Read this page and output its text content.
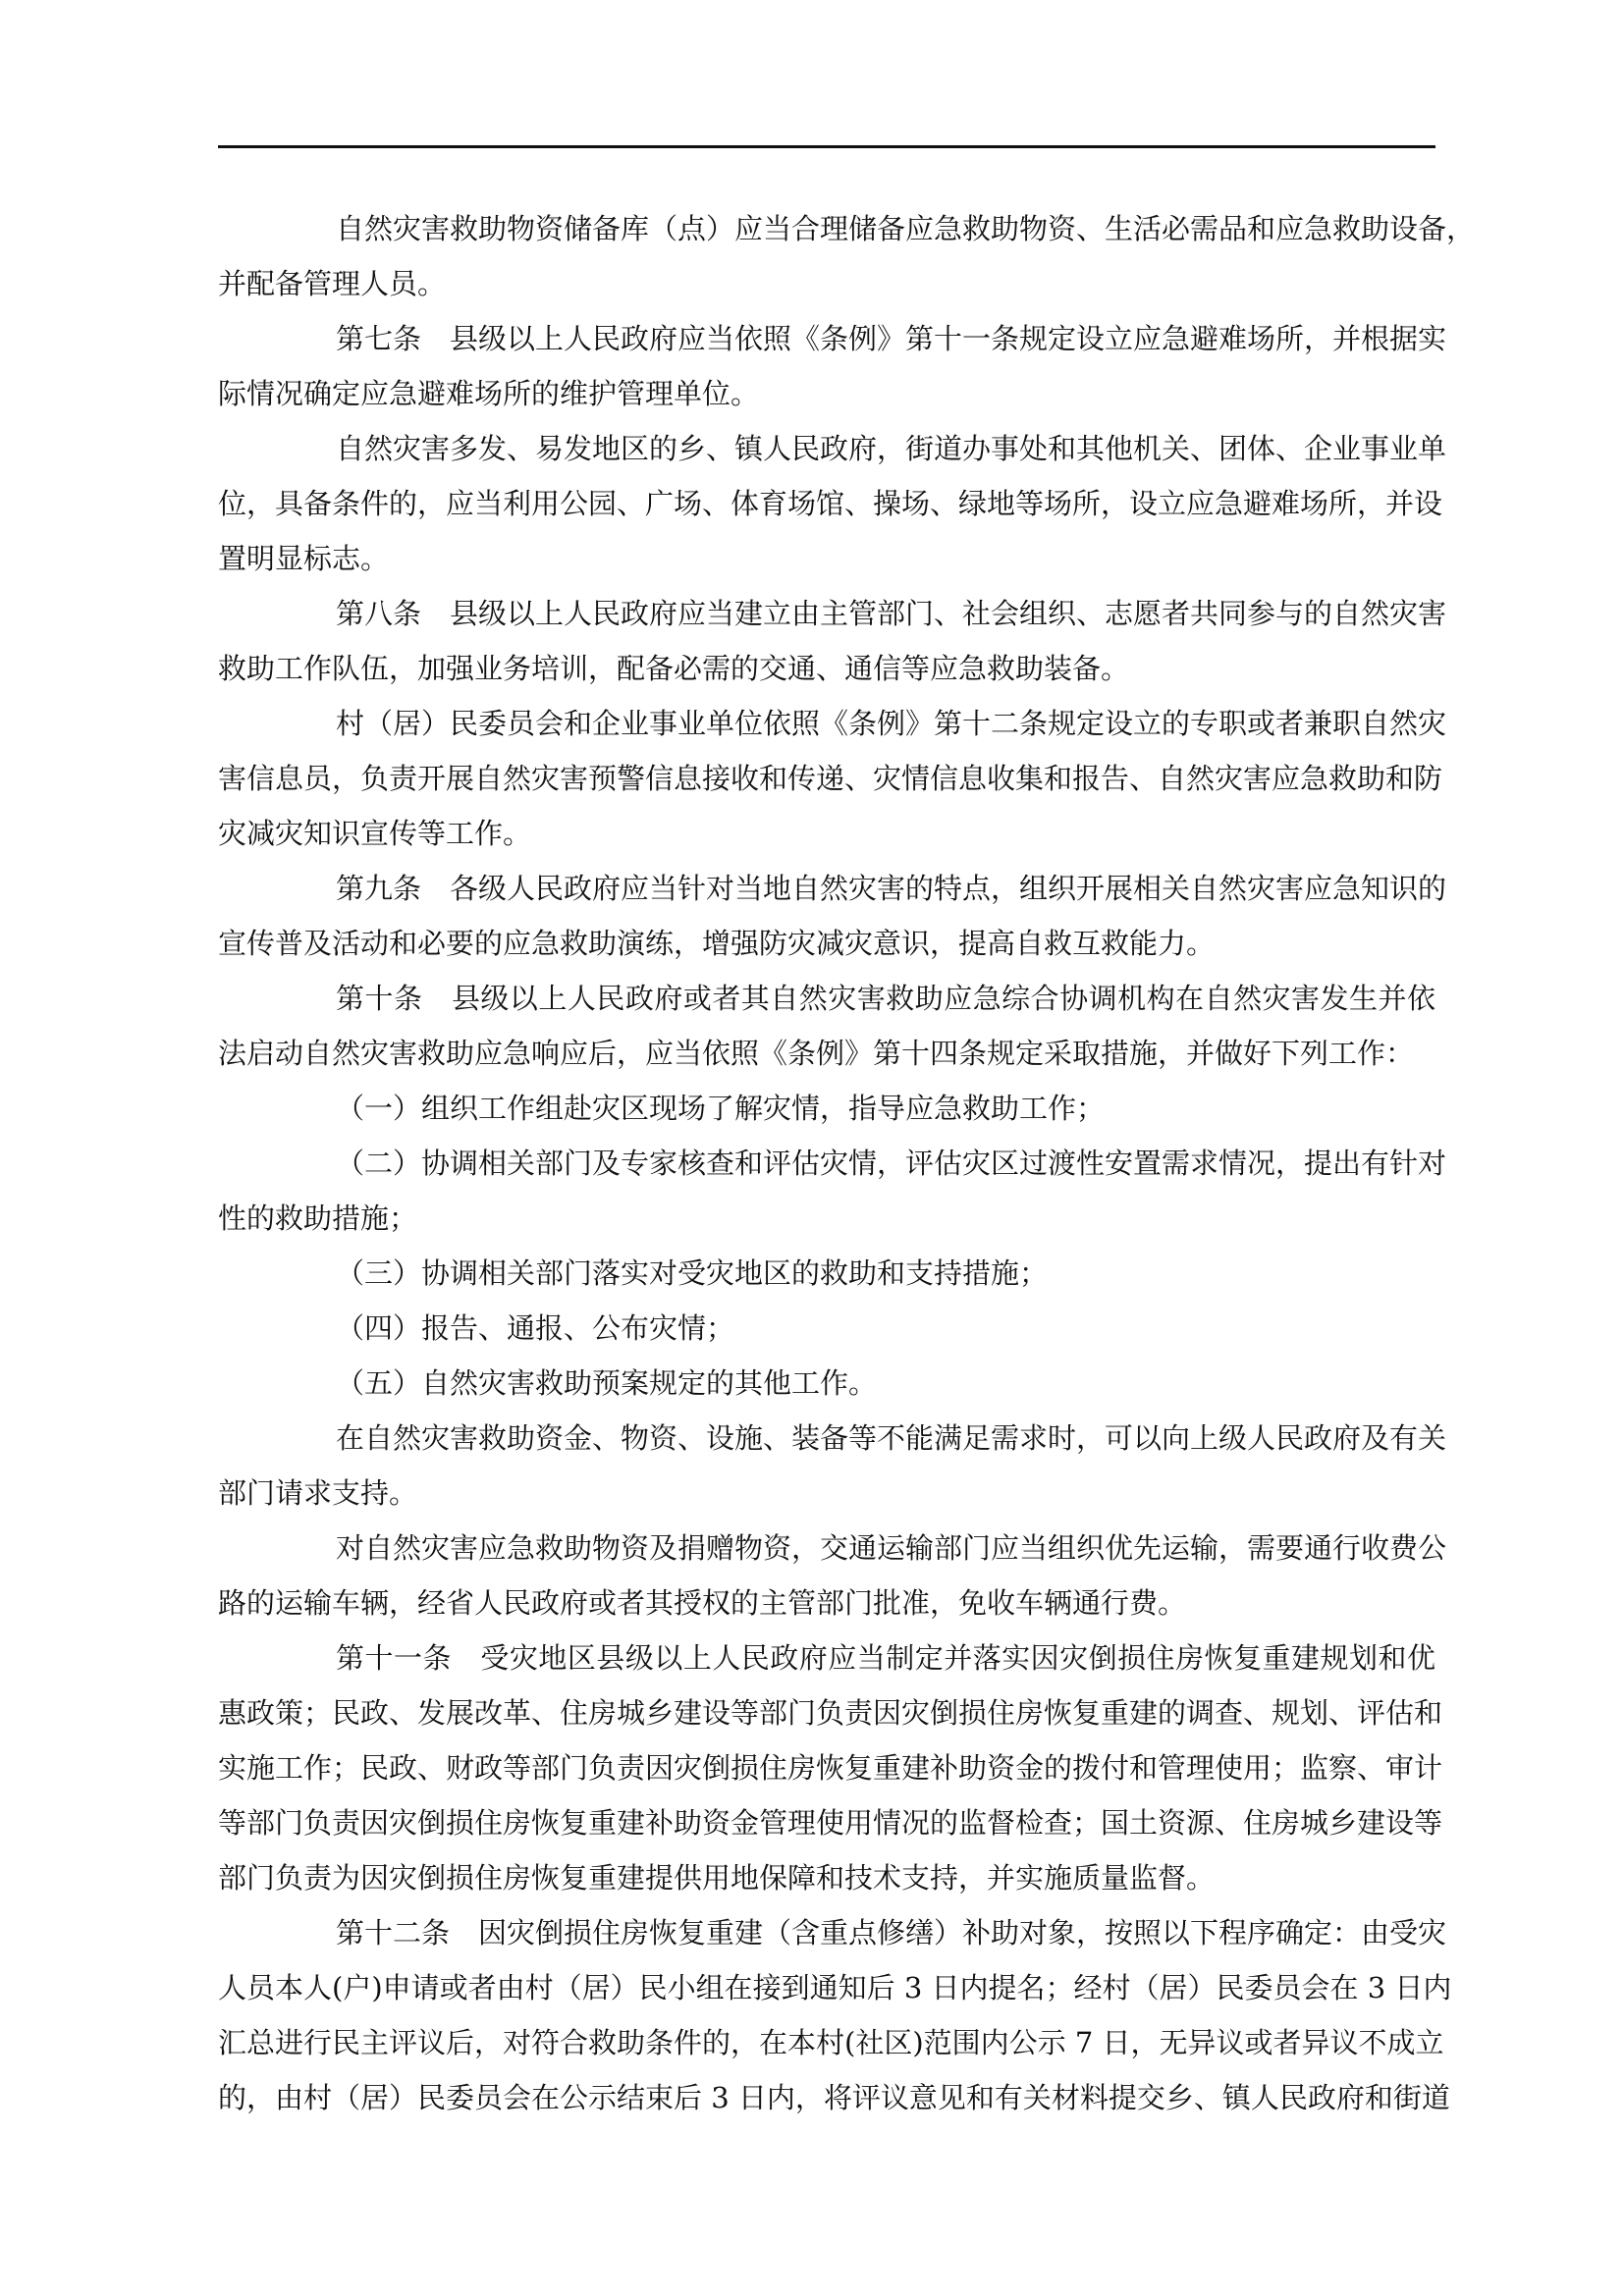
自然灾害救助物资储备库（点）应当合理储备应急救助物资、生活必需品和应急救助设备，
并配备管理人员。
第七条　县级以上人民政府应当依照《条例》第十一条规定设立应急避难场所，并根据实
际情况确定应急避难场所的维护管理单位。
自然灾害多发、易发地区的乡、镇人民政府，街道办事处和其他机关、团体、企业事业单
位，具备条件的，应当利用公园、广场、体育场馆、操场、绿地等场所，设立应急避难场所，并设
置明显标志。
第八条　县级以上人民政府应当建立由主管部门、社会组织、志愿者共同参与的自然灾害
救助工作队伍，加强业务培训，配备必需的交通、通信等应急救助装备。
村（居）民委员会和企业事业单位依照《条例》第十二条规定设立的专职或者兼职自然灾
害信息员，负责开展自然灾害预警信息接收和传递、灾情信息收集和报告、自然灾害应急救助和防
灾减灾知识宣传等工作。
第九条　各级人民政府应当针对当地自然灾害的特点，组织开展相关自然灾害应急知识的
宣传普及活动和必要的应急救助演练，增强防灾减灾意识，提高自救互救能力。
第十条　县级以上人民政府或者其自然灾害救助应急综合协调机构在自然灾害发生并依
法启动自然灾害救助应急响应后，应当依照《条例》第十四条规定采取措施，并做好下列工作：
（一）组织工作组赴灾区现场了解灾情，指导应急救助工作；
（二）协调相关部门及专家核查和评估灾情，评估灾区过渡性安置需求情况，提出有针对
性的救助措施；
（三）协调相关部门落实对受灾地区的救助和支持措施；
（四）报告、通报、公布灾情；
（五）自然灾害救助预案规定的其他工作。
在自然灾害救助资金、物资、设施、装备等不能满足需求时，可以向上级人民政府及有关
部门请求支持。
对自然灾害应急救助物资及捐赠物资，交通运输部门应当组织优先运输，需要通行收费公
路的运输车辆，经省人民政府或者其授权的主管部门批准，免收车辆通行费。
第十一条　受灾地区县级以上人民政府应当制定并落实因灾倒损住房恢复重建规划和优
惠政策；民政、发展改革、住房城乡建设等部门负责因灾倒损住房恢复重建的调查、规划、评估和
实施工作；民政、财政等部门负责因灾倒损住房恢复重建补助资金的拨付和管理使用；监察、审计
等部门负责因灾倒损住房恢复重建补助资金管理使用情况的监督检查；国土资源、住房城乡建设等
部门负责为因灾倒损住房恢复重建提供用地保障和技术支持，并实施质量监督。
第十二条　因灾倒损住房恢复重建（含重点修缮）补助对象，按照以下程序确定：由受灾
人员本人(户)申请或者由村（居）民小组在接到通知后 3 日内提名；经村（居）民委员会在 3 日内
汇总进行民主评议后，对符合救助条件的，在本村(社区)范围内公示 7 日，无异议或者异议不成立
的，由村（居）民委员会在公示结束后 3 日内，将评议意见和有关材料提交乡、镇人民政府和街道
